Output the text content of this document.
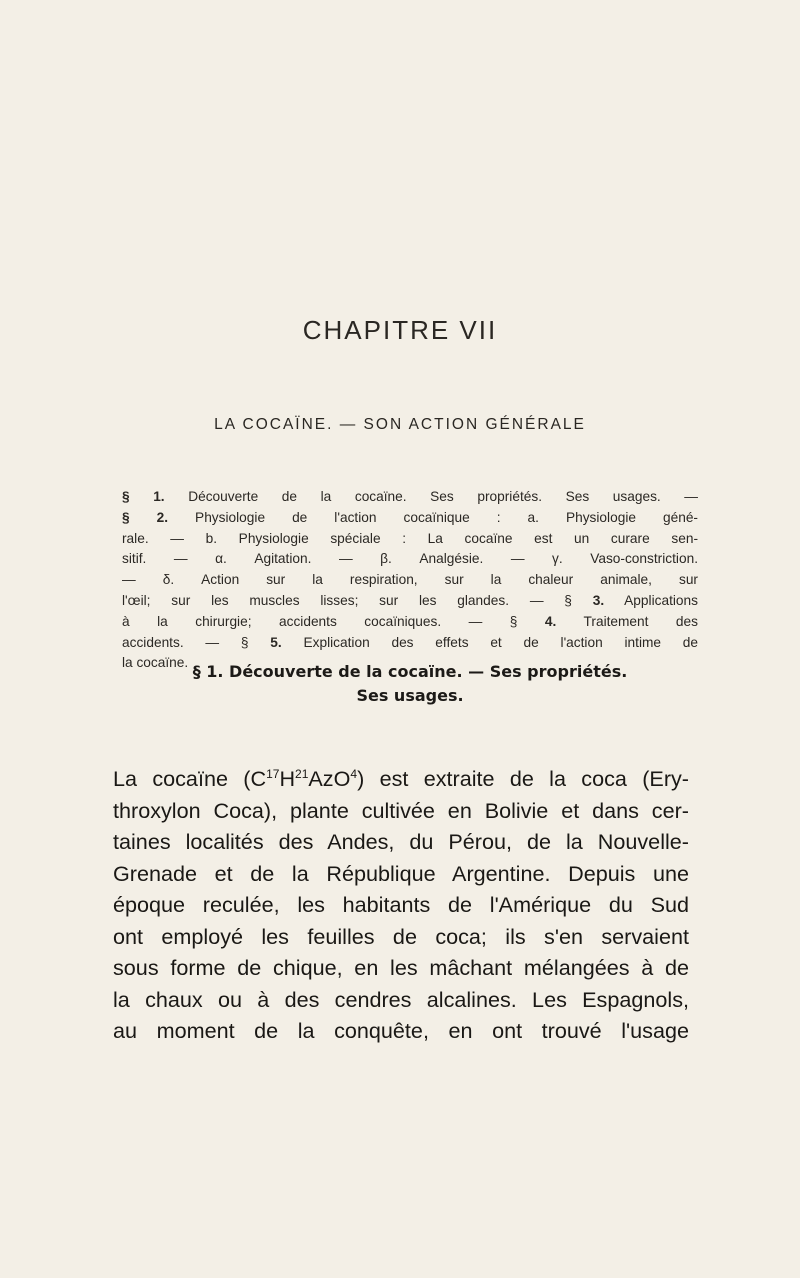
CHAPITRE VII
LA COCAÏNE. — SON ACTION GÉNÉRALE
§ 1. Découverte de la cocaïne. Ses propriétés. Ses usages. —
§ 2. Physiologie de l'action cocaïnique : a. Physiologie géné-
rale. — b. Physiologie spéciale : La cocaïne est un curare sen-
sitif. — α. Agitation. — β. Analgésie. — γ. Vaso-constriction.
— δ. Action sur la respiration, sur la chaleur animale, sur
l'œil; sur les muscles lisses; sur les glandes. — § 3. Applications
à la chirurgie; accidents cocaïniques. — § 4. Traitement des
accidents. — § 5. Explication des effets et de l'action intime de
la cocaïne. § 1. Découverte de la cocaïne. — Ses propriétés.
Ses usages.
La cocaïne $(C^{17}H^{21}AzO^4)$ est extraite de la coca (Ery-
throxylon Coca), plante cultivée en Bolivie et dans cer-
taines localités des Andes, du Pérou, de la Nouvelle-
Grenade et de la République Argentine. Depuis une
époque reculée, les habitants de l'Amérique du Sud
ont employé les feuilles de coca; ils s'en servaient
sous forme de chique, en les mâchant mélangées à de
la chaux ou à des cendres alcalines. Les Espagnols,
au moment de la conquête, en ont trouvé l'usage
